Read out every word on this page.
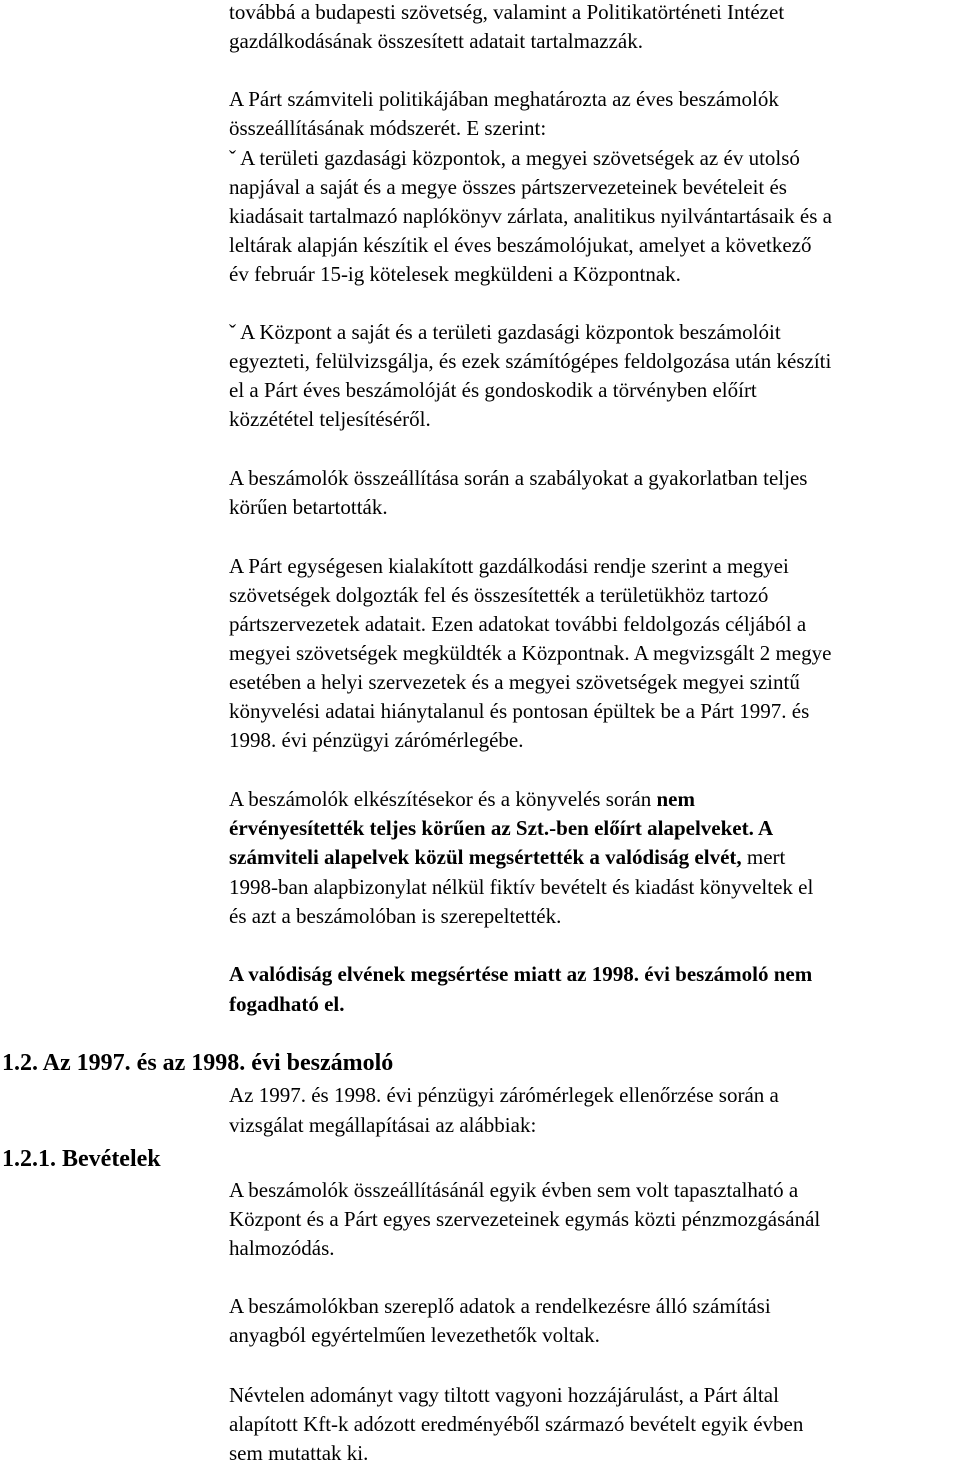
továbbá a budapesti szövetség, valamint a Politikatörténeti Intézet
gazdálkodásának összesített adatait tartalmazzák.
A Párt számviteli politikájában meghatározta az éves beszámolók
összeállításának módszerét. E szerint:
ˇ A területi gazdasági központok, a megyei szövetségek az év utolsó
napjával a saját és a megye összes pártszervezeteinek bevételeit és
kiadásait tartalmazó naplókönyv zárlata, analitikus nyilvántartásaik és a
leltárak alapján készítik el éves beszámolójukat, amelyet a következő
év február 15-ig kötelesek megküldeni a Központnak.
ˇ A Központ a saját és a területi gazdasági központok beszámolóit
egyezteti, felülvizsgálja, és ezek számítógépes feldolgozása után készíti
el a Párt éves beszámolóját és gondoskodik a törvényben előírt
közzététel teljesítéséről.
A beszámolók összeállítása során a szabályokat a gyakorlatban teljes
körűen betartották.
A Párt egységesen kialakított gazdálkodási rendje szerint a megyei
szövetségek dolgozták fel és összesítették a területükhöz tartozó
pártszervezetek adatait. Ezen adatokat további feldolgozás céljából a
megyei szövetségek megküldték a Központnak. A megvizsgált 2 megye
esetében a helyi szervezetek és a megyei szövetségek megyei szintű
könyvelési adatai hiánytalanul és pontosan épültek be a Párt 1997. és
1998. évi pénzügyi zárómérlegébe.
A beszámolók elkészítésekor és a könyvelés során nem
érvényesítették teljes körűen az Szt.-ben előírt alapelveket. A
számviteli alapelvek közül megsértették a valódiság elvét, mert
1998-ban alapbizonylat nélkül fiktív bevételt és kiadást könyveltek el
és azt a beszámolóban is szerepeltették.
A valódiság elvének megsértése miatt az 1998. évi beszámoló nem
fogadható el.
1.2. Az 1997. és az 1998. évi beszámoló
Az 1997. és 1998. évi pénzügyi zárómérlegek ellenőrzése során a
vizsgálat megállapításai az alábbiak:
1.2.1. Bevételek
A beszámolók összeállításánál egyik évben sem volt tapasztalható a
Központ és a Párt egyes szervezeteinek egymás közti pénzmozgásánál
halmozódás.
A beszámolókban szereplő adatok a rendelkezésre álló számítási
anyagból egyértelműen levezethetők voltak.
Névtelen adományt vagy tiltott vagyoni hozzájárulást, a Párt által
alapított Kft-k adózott eredményéből származó bevételt egyik évben
sem mutattak ki.
